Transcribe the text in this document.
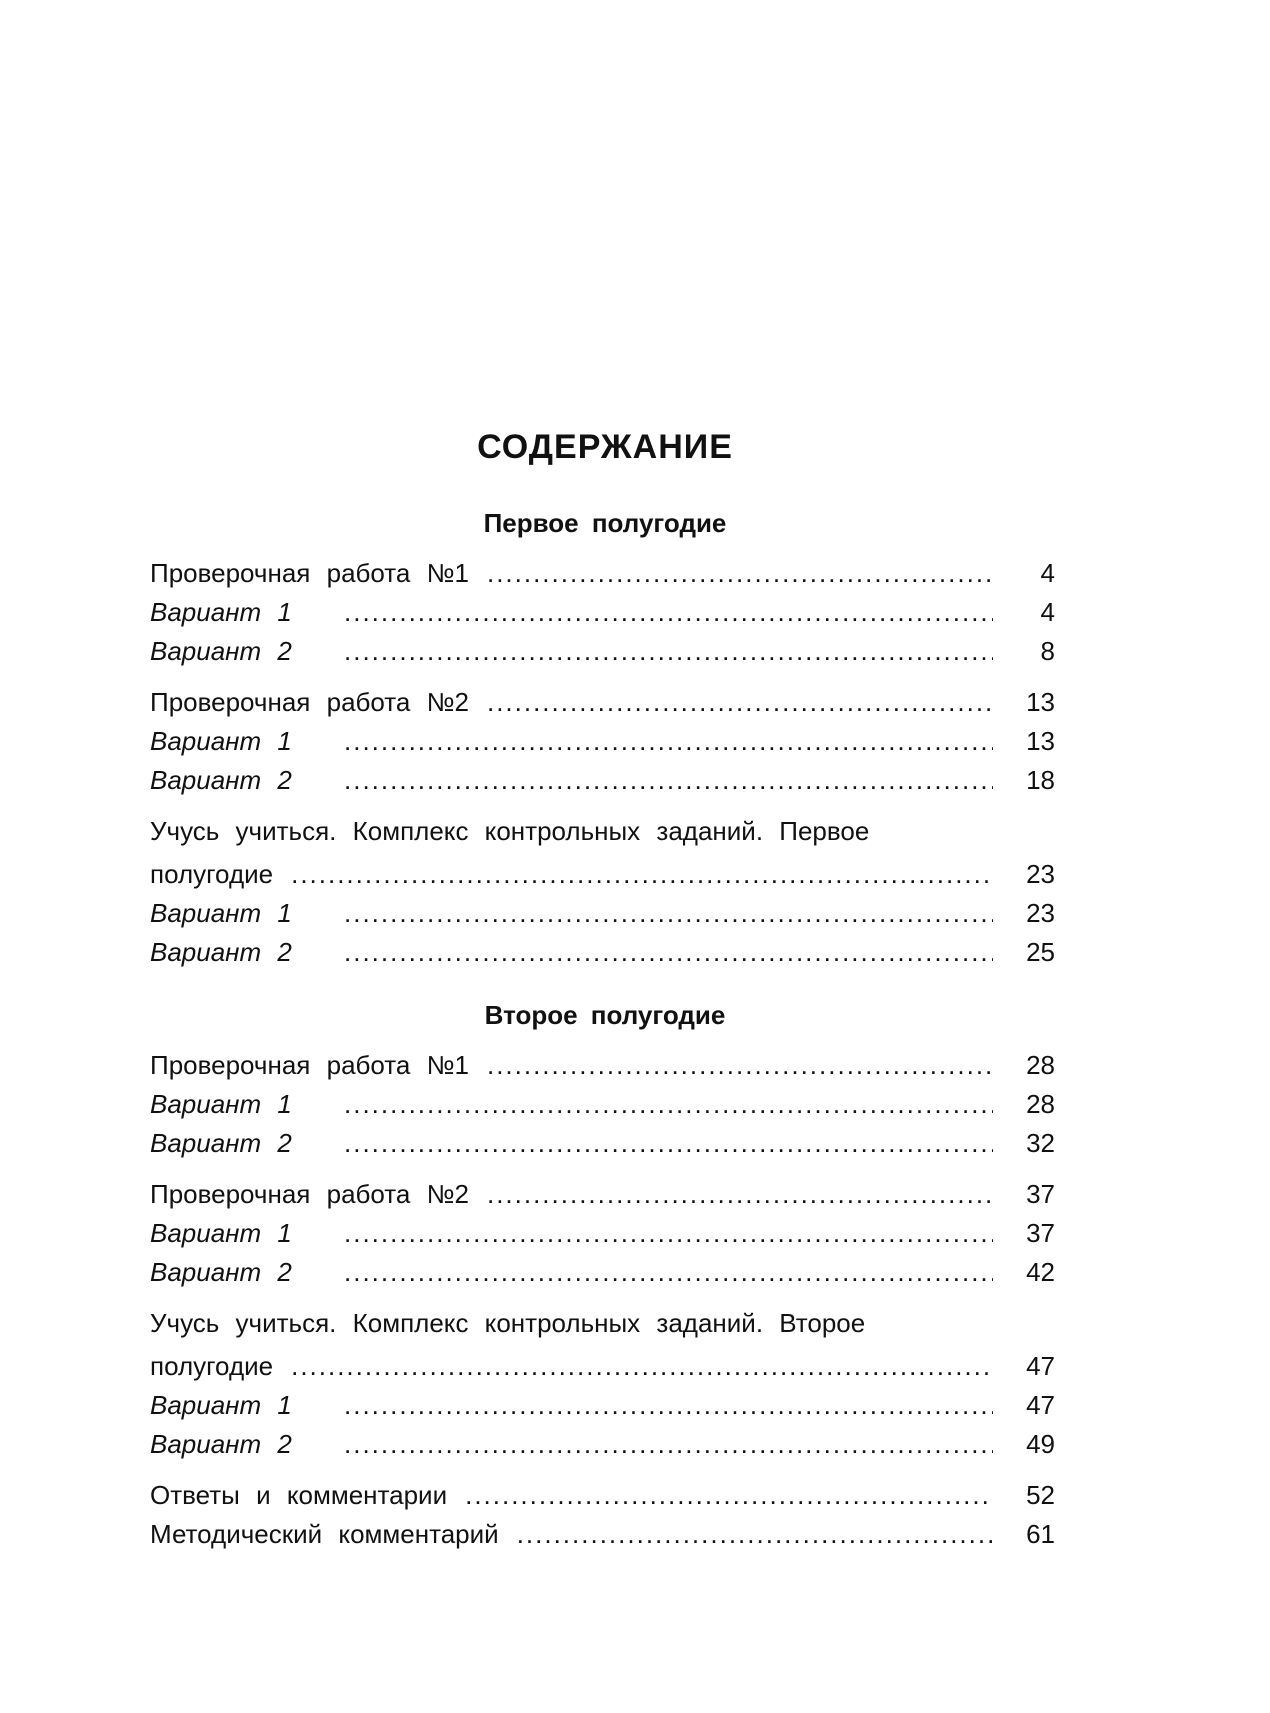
СОДЕРЖАНИЕ
Первое полугодие
Проверочная работа №1 .....	4
Вариант 1 .....	4
Вариант 2 .....	8
Проверочная работа №2 .....	13
Вариант 1 .....	13
Вариант 2 .....	18
Учусь учиться. Комплекс контрольных заданий. Первое
полугодие .....	23
Вариант 1 .....	23
Вариант 2 .....	25
Второе полугодие
Проверочная работа №1 .....	28
Вариант 1 .....	28
Вариант 2 .....	32
Проверочная работа №2 .....	37
Вариант 1 .....	37
Вариант 2 .....	42
Учусь учиться. Комплекс контрольных заданий. Второе
полугодие .....	47
Вариант 1 .....	47
Вариант 2 .....	49
Ответы и комментарии .....	52
Методический комментарий .....	61
